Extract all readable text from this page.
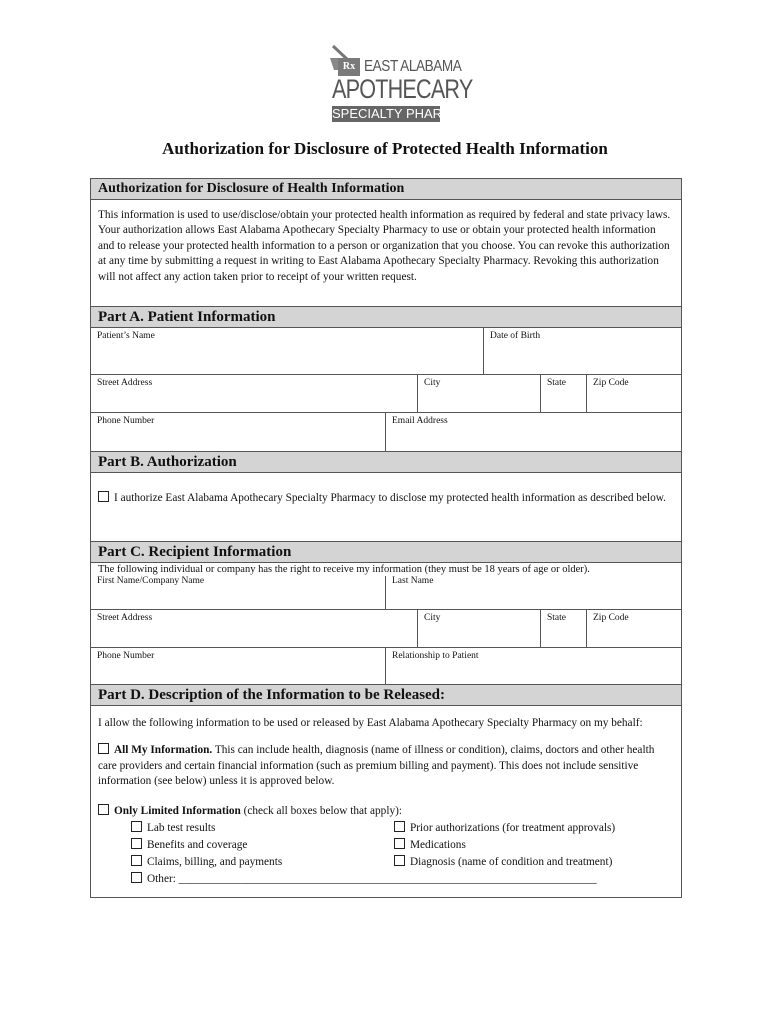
Rx EAST ALABAMA
APOTHECARY
SPECIALTY PHARMACY
Authorization for Disclosure of Protected Health Information
Authorization for Disclosure of Health Information
This information is used to use/disclose/obtain your protected health information as required by federal and state privacy laws. Your authorization allows East Alabama Apothecary Specialty Pharmacy to use or obtain your protected health information and to release your protected health information to a person or organization that you choose. You can revoke this authorization at any time by submitting a request in writing to East Alabama Apothecary Specialty Pharmacy. Revoking this authorization will not affect any action taken prior to receipt of your written request.
Part A. Patient Information
Patient’s Name	Date of Birth
Street Address	City	State	Zip Code
Phone Number	Email Address
Part B. Authorization
I authorize East Alabama Apothecary Specialty Pharmacy to disclose my protected health information as described below.
Part C. Recipient Information
The following individual or company has the right to receive my information (they must be 18 years of age or older).
First Name/Company Name	Last Name
Street Address	City	State	Zip Code
Phone Number	Relationship to Patient
Part D. Description of the Information to be Released:
I allow the following information to be used or released by East Alabama Apothecary Specialty Pharmacy on my behalf:
All My Information. This can include health, diagnosis (name of illness or condition), claims, doctors and other health care providers and certain financial information (such as premium billing and payment). This does not include sensitive information (see below) unless it is approved below.
Only Limited Information (check all boxes below that apply):
Lab test results
Benefits and coverage
Claims, billing, and payments
Prior authorizations (for treatment approvals)
Medications
Diagnosis (name of condition and treatment)
Other: __________________________________________________________________________
